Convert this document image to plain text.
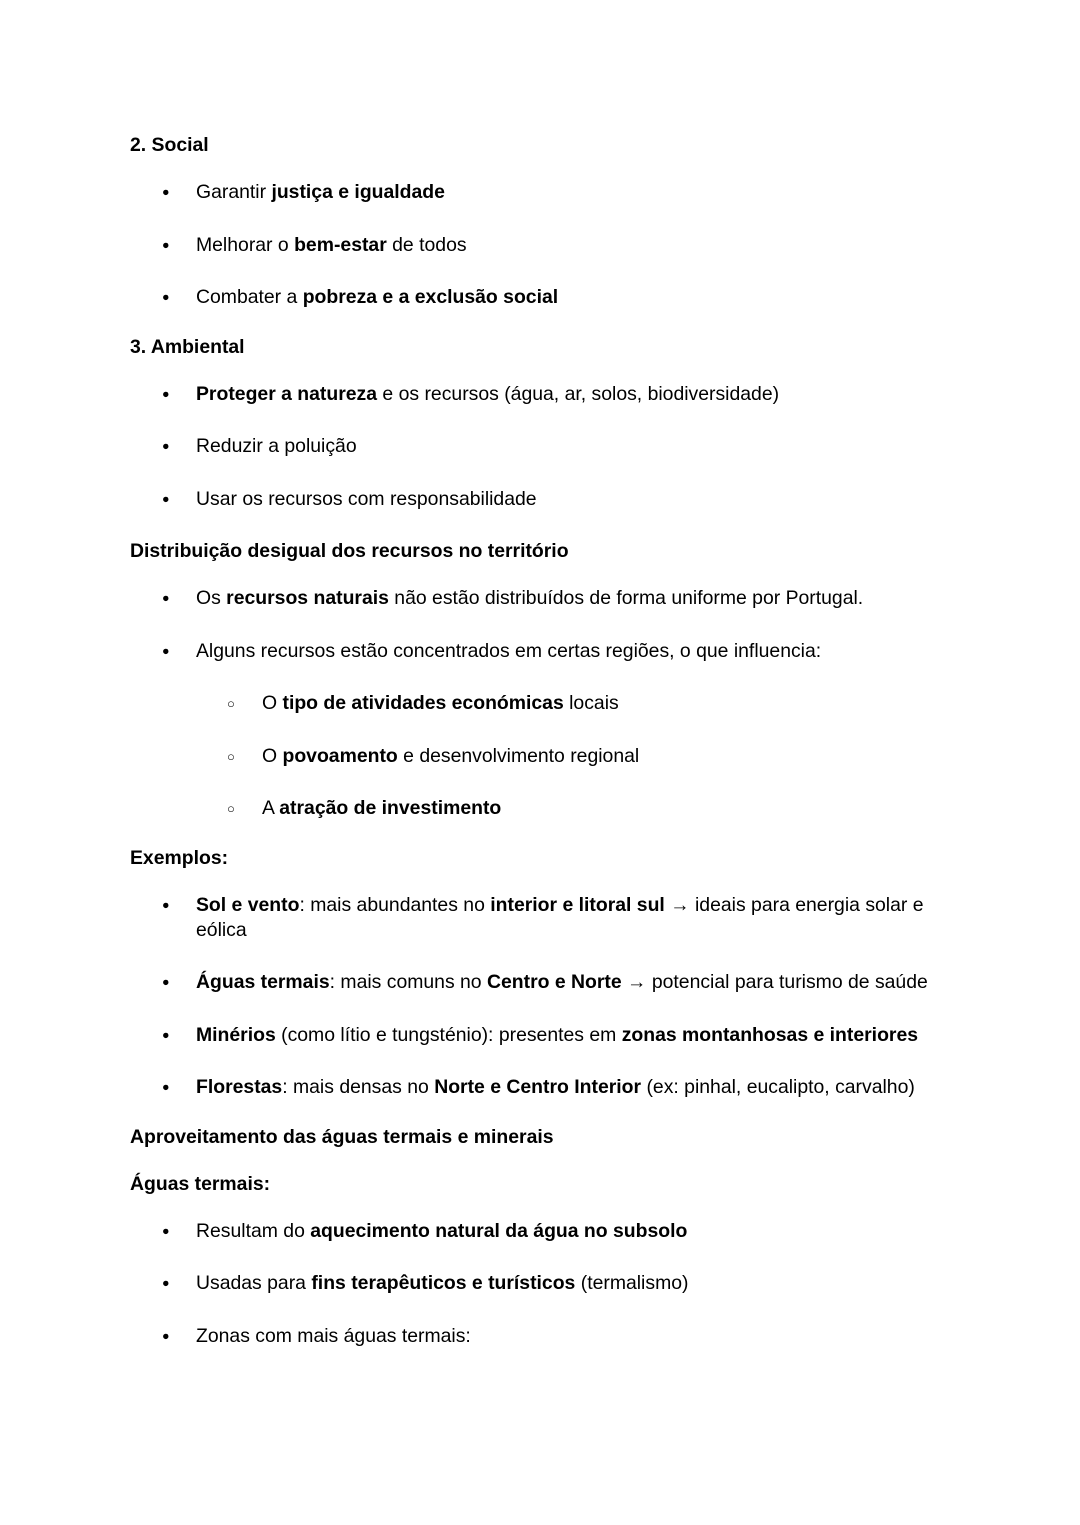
2. Social
● Garantir justiça e igualdade
● Melhorar o bem-estar de todos
● Combater a pobreza e a exclusão social
3. Ambiental
● Proteger a natureza e os recursos (água, ar, solos, biodiversidade)
● Reduzir a poluição
● Usar os recursos com responsabilidade
Distribuição desigual dos recursos no território
● Os recursos naturais não estão distribuídos de forma uniforme por Portugal.
● Alguns recursos estão concentrados em certas regiões, o que influencia:
○ O tipo de atividades económicas locais
○ O povoamento e desenvolvimento regional
○ A atração de investimento
Exemplos:
● Sol e vento: mais abundantes no interior e litoral sul → ideais para energia solar e eólica
● Águas termais: mais comuns no Centro e Norte → potencial para turismo de saúde
● Minérios (como lítio e tungsténio): presentes em zonas montanhosas e interiores
● Florestas: mais densas no Norte e Centro Interior (ex: pinhal, eucalipto, carvalho)
Aproveitamento das águas termais e minerais
Águas termais:
● Resultam do aquecimento natural da água no subsolo
● Usadas para fins terapêuticos e turísticos (termalismo)
● Zonas com mais águas termais:
